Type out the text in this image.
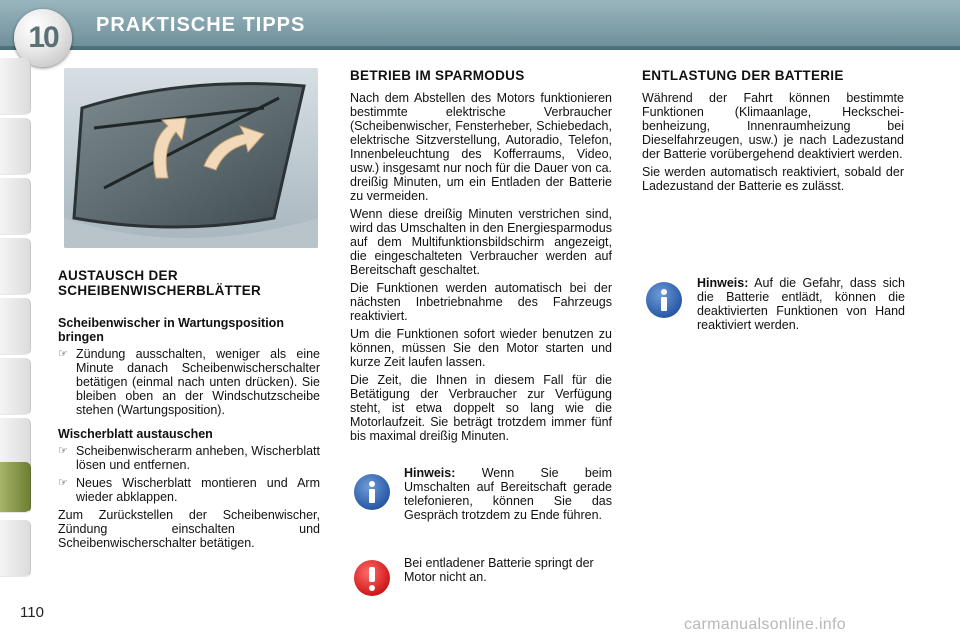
10	PRAKTISCHE TIPPS
AUSTAUSCH DER SCHEIBENWISCHERBLÄTTER
Scheibenwischer in Wartungsposition bringen
☞ Zündung ausschalten, weniger als eine Minute danach Scheibenwischerschalter betätigen (einmal nach unten drücken). Sie bleiben oben an der Windschutzscheibe stehen (Wartungsposition).
Wischerblatt austauschen
☞ Scheibenwischerarm anheben, Wischerblatt lösen und entfernen.
☞ Neues Wischerblatt montieren und Arm wieder abklappen.

Zum Zurückstellen der Scheibenwischer, Zündung einschalten und Scheibenwischerschalter betätigen.

BETRIEB IM SPARMODUS

Nach dem Abstellen des Motors funktionieren bestimmte elektrische Verbraucher (Scheibenwischer, Fensterheber, Schiebedach, elektrische Sitzverstellung, Autoradio, Telefon, Innenbeleuchtung des Kofferraums, Video, usw.) insgesamt nur noch für die Dauer von ca. dreißig Minuten, um ein Entladen der Batterie zu vermeiden.

Wenn diese dreißig Minuten verstrichen sind, wird das Umschalten in den Energiesparmodus auf dem Multifunktionsbildschirm angezeigt, die eingeschalteten Verbraucher werden auf Bereitschaft geschaltet.

Die Funktionen werden automatisch bei der nächsten Inbetriebnahme des Fahrzeugs reaktiviert.

Um die Funktionen sofort wieder benutzen zu können, müssen Sie den Motor starten und kurze Zeit laufen lassen.

Die Zeit, die Ihnen in diesem Fall für die Betätigung der Verbraucher zur Verfügung steht, ist etwa doppelt so lang wie die Motorlaufzeit. Sie beträgt trotzdem immer fünf bis maximal dreißig Minuten.

Hinweis: Wenn Sie beim Umschalten auf Bereitschaft gerade telefonieren, können Sie das Gespräch trotzdem zu Ende führen.
Bei entladener Batterie springt der Motor nicht an.
ENTLASTUNG DER BATTERIE

Während der Fahrt können bestimmte Funktionen (Klimaanlage, Heckscheibenheizung, Innenraumheizung bei Dieselfahrzeugen, usw.) je nach Ladezustand der Batterie vorübergehend deaktiviert werden.

Sie werden automatisch reaktiviert, sobald der Ladezustand der Batterie es zulässt.

Hinweis: Auf die Gefahr, dass sich die Batterie entlädt, können die deaktivierten Funktionen von Hand reaktiviert werden.
110
carmanualsonline.info
